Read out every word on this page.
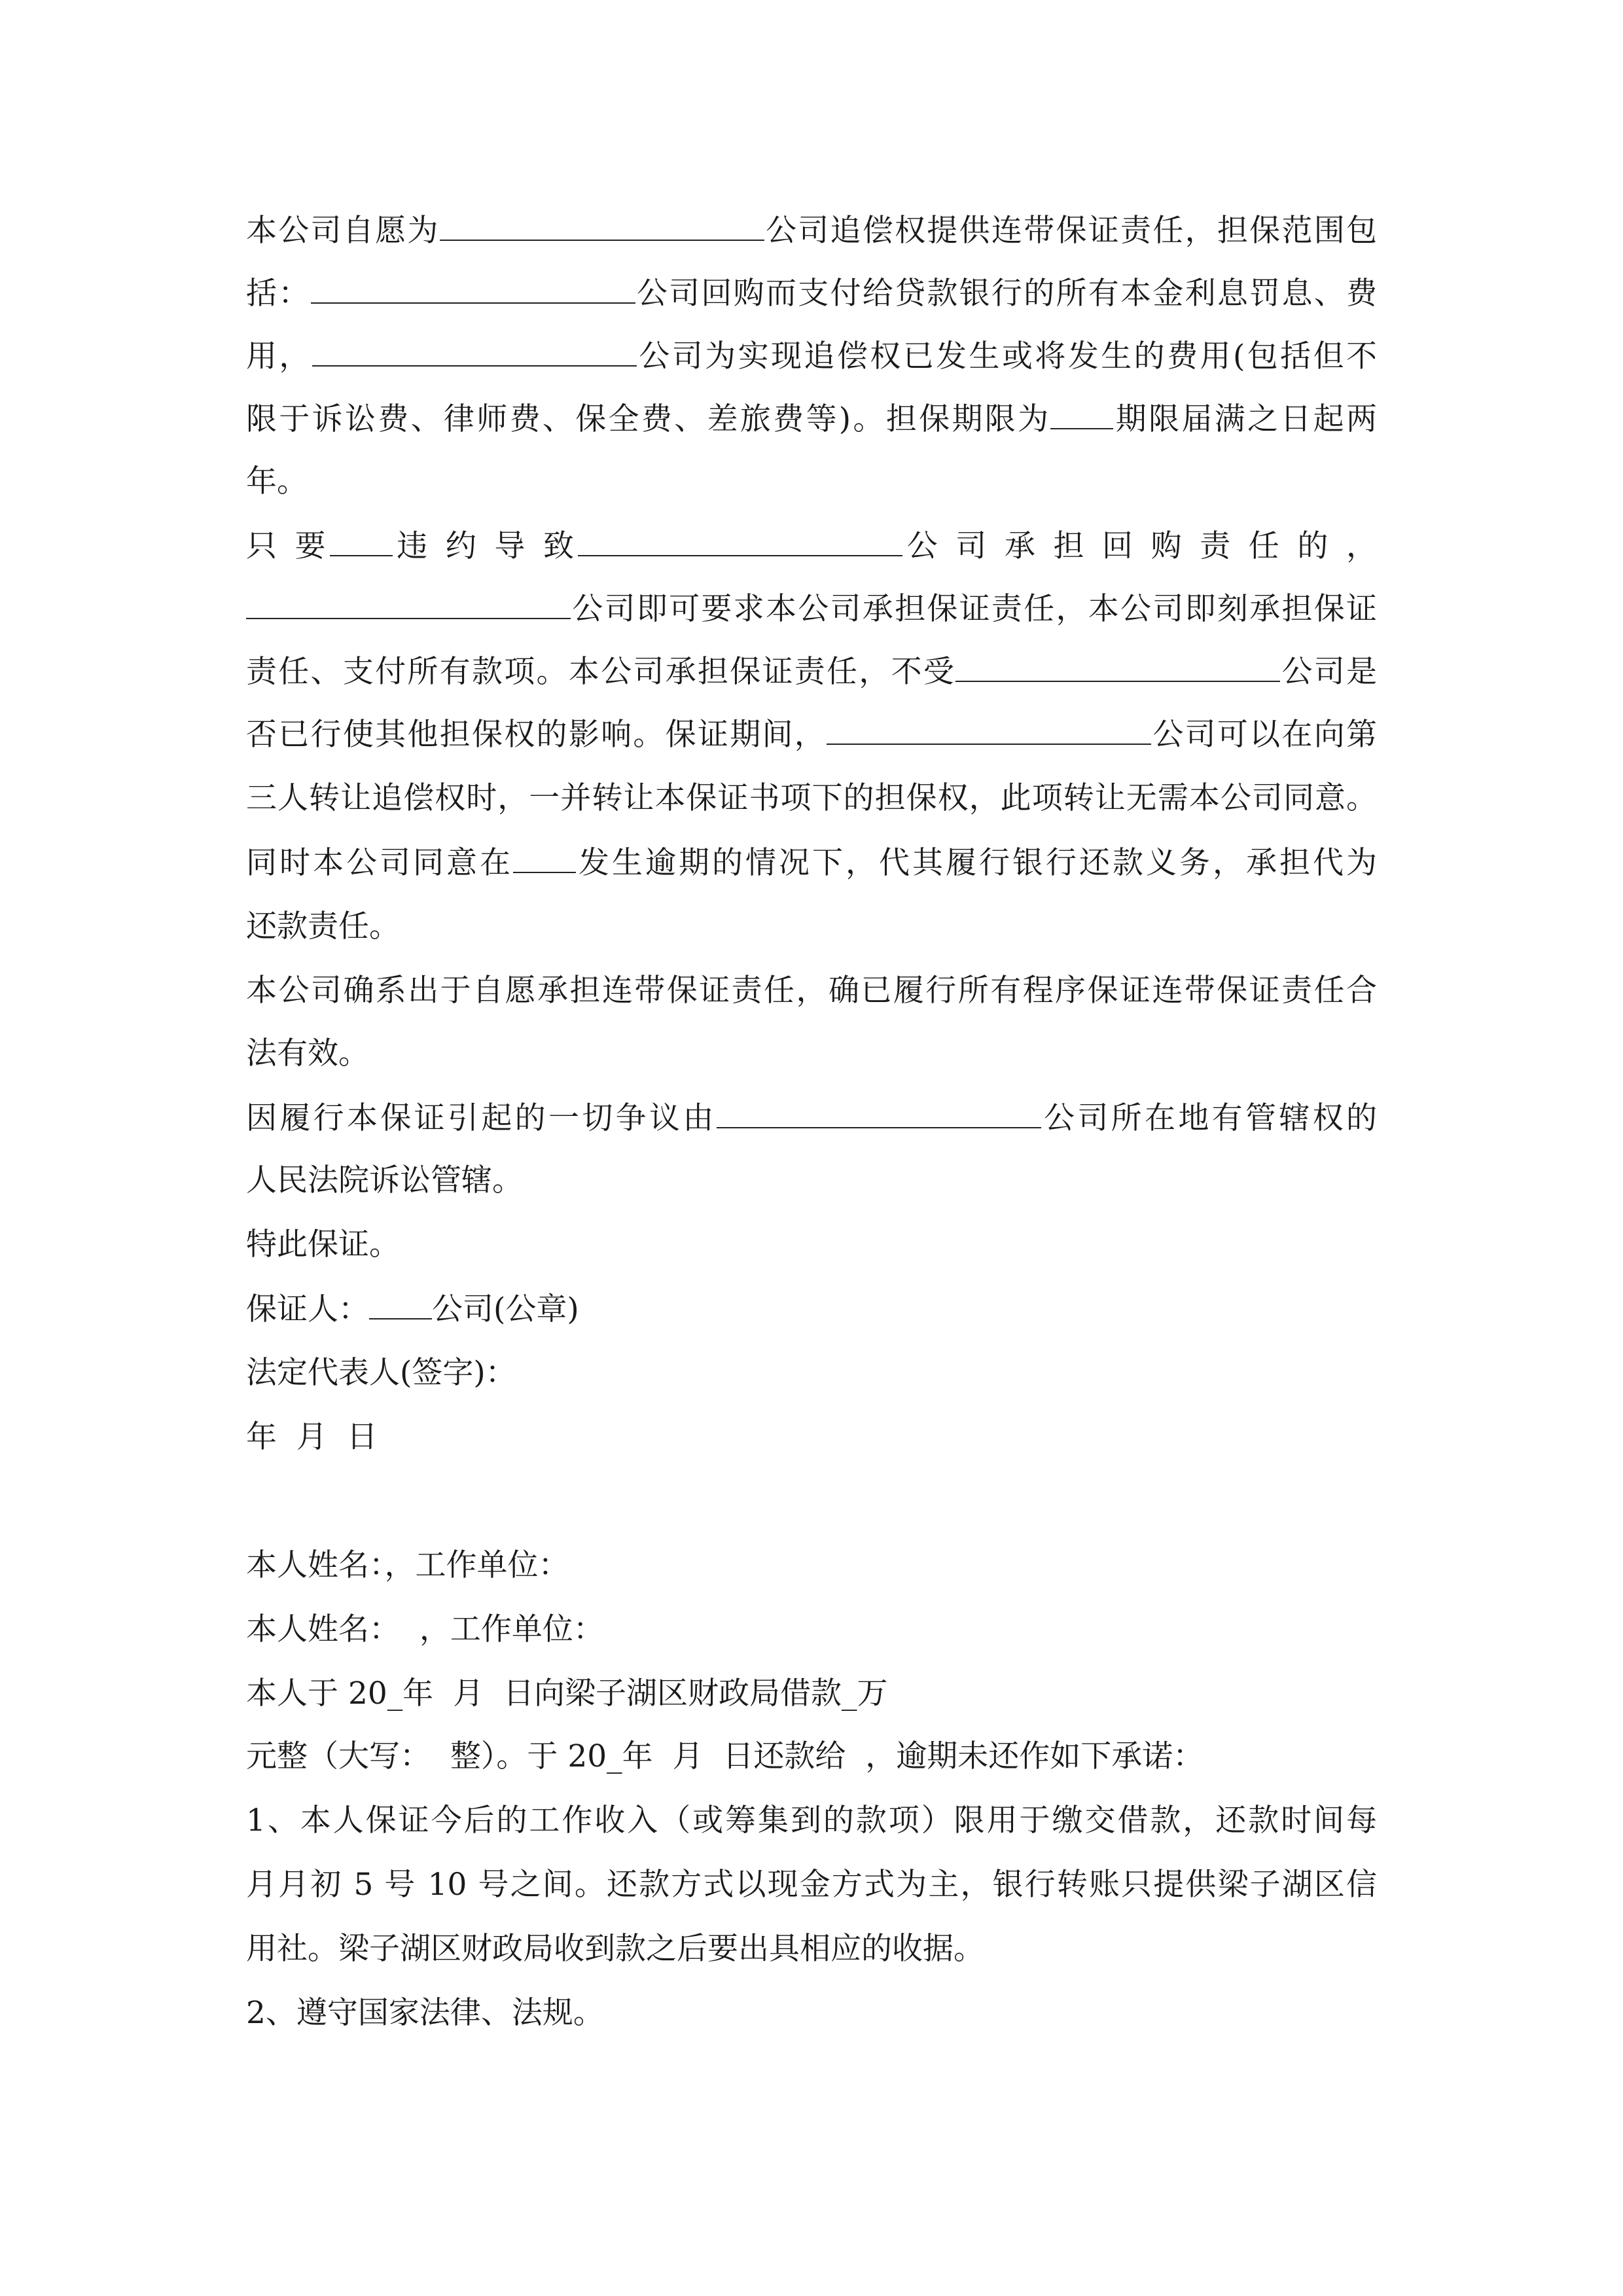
本公司自愿为	公司追偿权提供连带保证责任，担保范围包
括：	公司回购而支付给贷款银行的所有本金利息罚息、费
用，	公司为实现追偿权已发生或将发生的费用(包括但不
限于诉讼费、律师费、保全费、差旅费等)。担保期限为 期限届满之日起两
年。
只 要 违 约 导 致	公 司 承 担 回 购 责 任 的 ，
公司即可要求本公司承担保证责任，本公司即刻承担保证
责任、支付所有款项。本公司承担保证责任，不受	公司是
否已行使其他担保权的影响。保证期间，	公司可以在向第
三人转让追偿权时，一并转让本保证书项下的担保权，此项转让无需本公司同意。
同时本公司同意在 发生逾期的情况下，代其履行银行还款义务，承担代为
还款责任。
本公司确系出于自愿承担连带保证责任，确已履行所有程序保证连带保证责任合
法有效。
因履行本保证引起的一切争议由	公司所在地有管辖权的
人民法院诉讼管辖。
特此保证。
保证人： 公司(公章)
法定代表人(签字)：
年  月  日
本人姓名：，工作单位：
本人姓名：  ，工作单位：
本人于 20_年  月  日向梁子湖区财政局借款_万
元整（大写：  整）。于 20_年  月  日还款给  ，逾期未还作如下承诺：
1、本人保证今后的工作收入（或筹集到的款项）限用于缴交借款，还款时间每
月月初 5 号 10 号之间。还款方式以现金方式为主，银行转账只提供梁子湖区信
用社。梁子湖区财政局收到款之后要出具相应的收据。
2、遵守国家法律、法规。
